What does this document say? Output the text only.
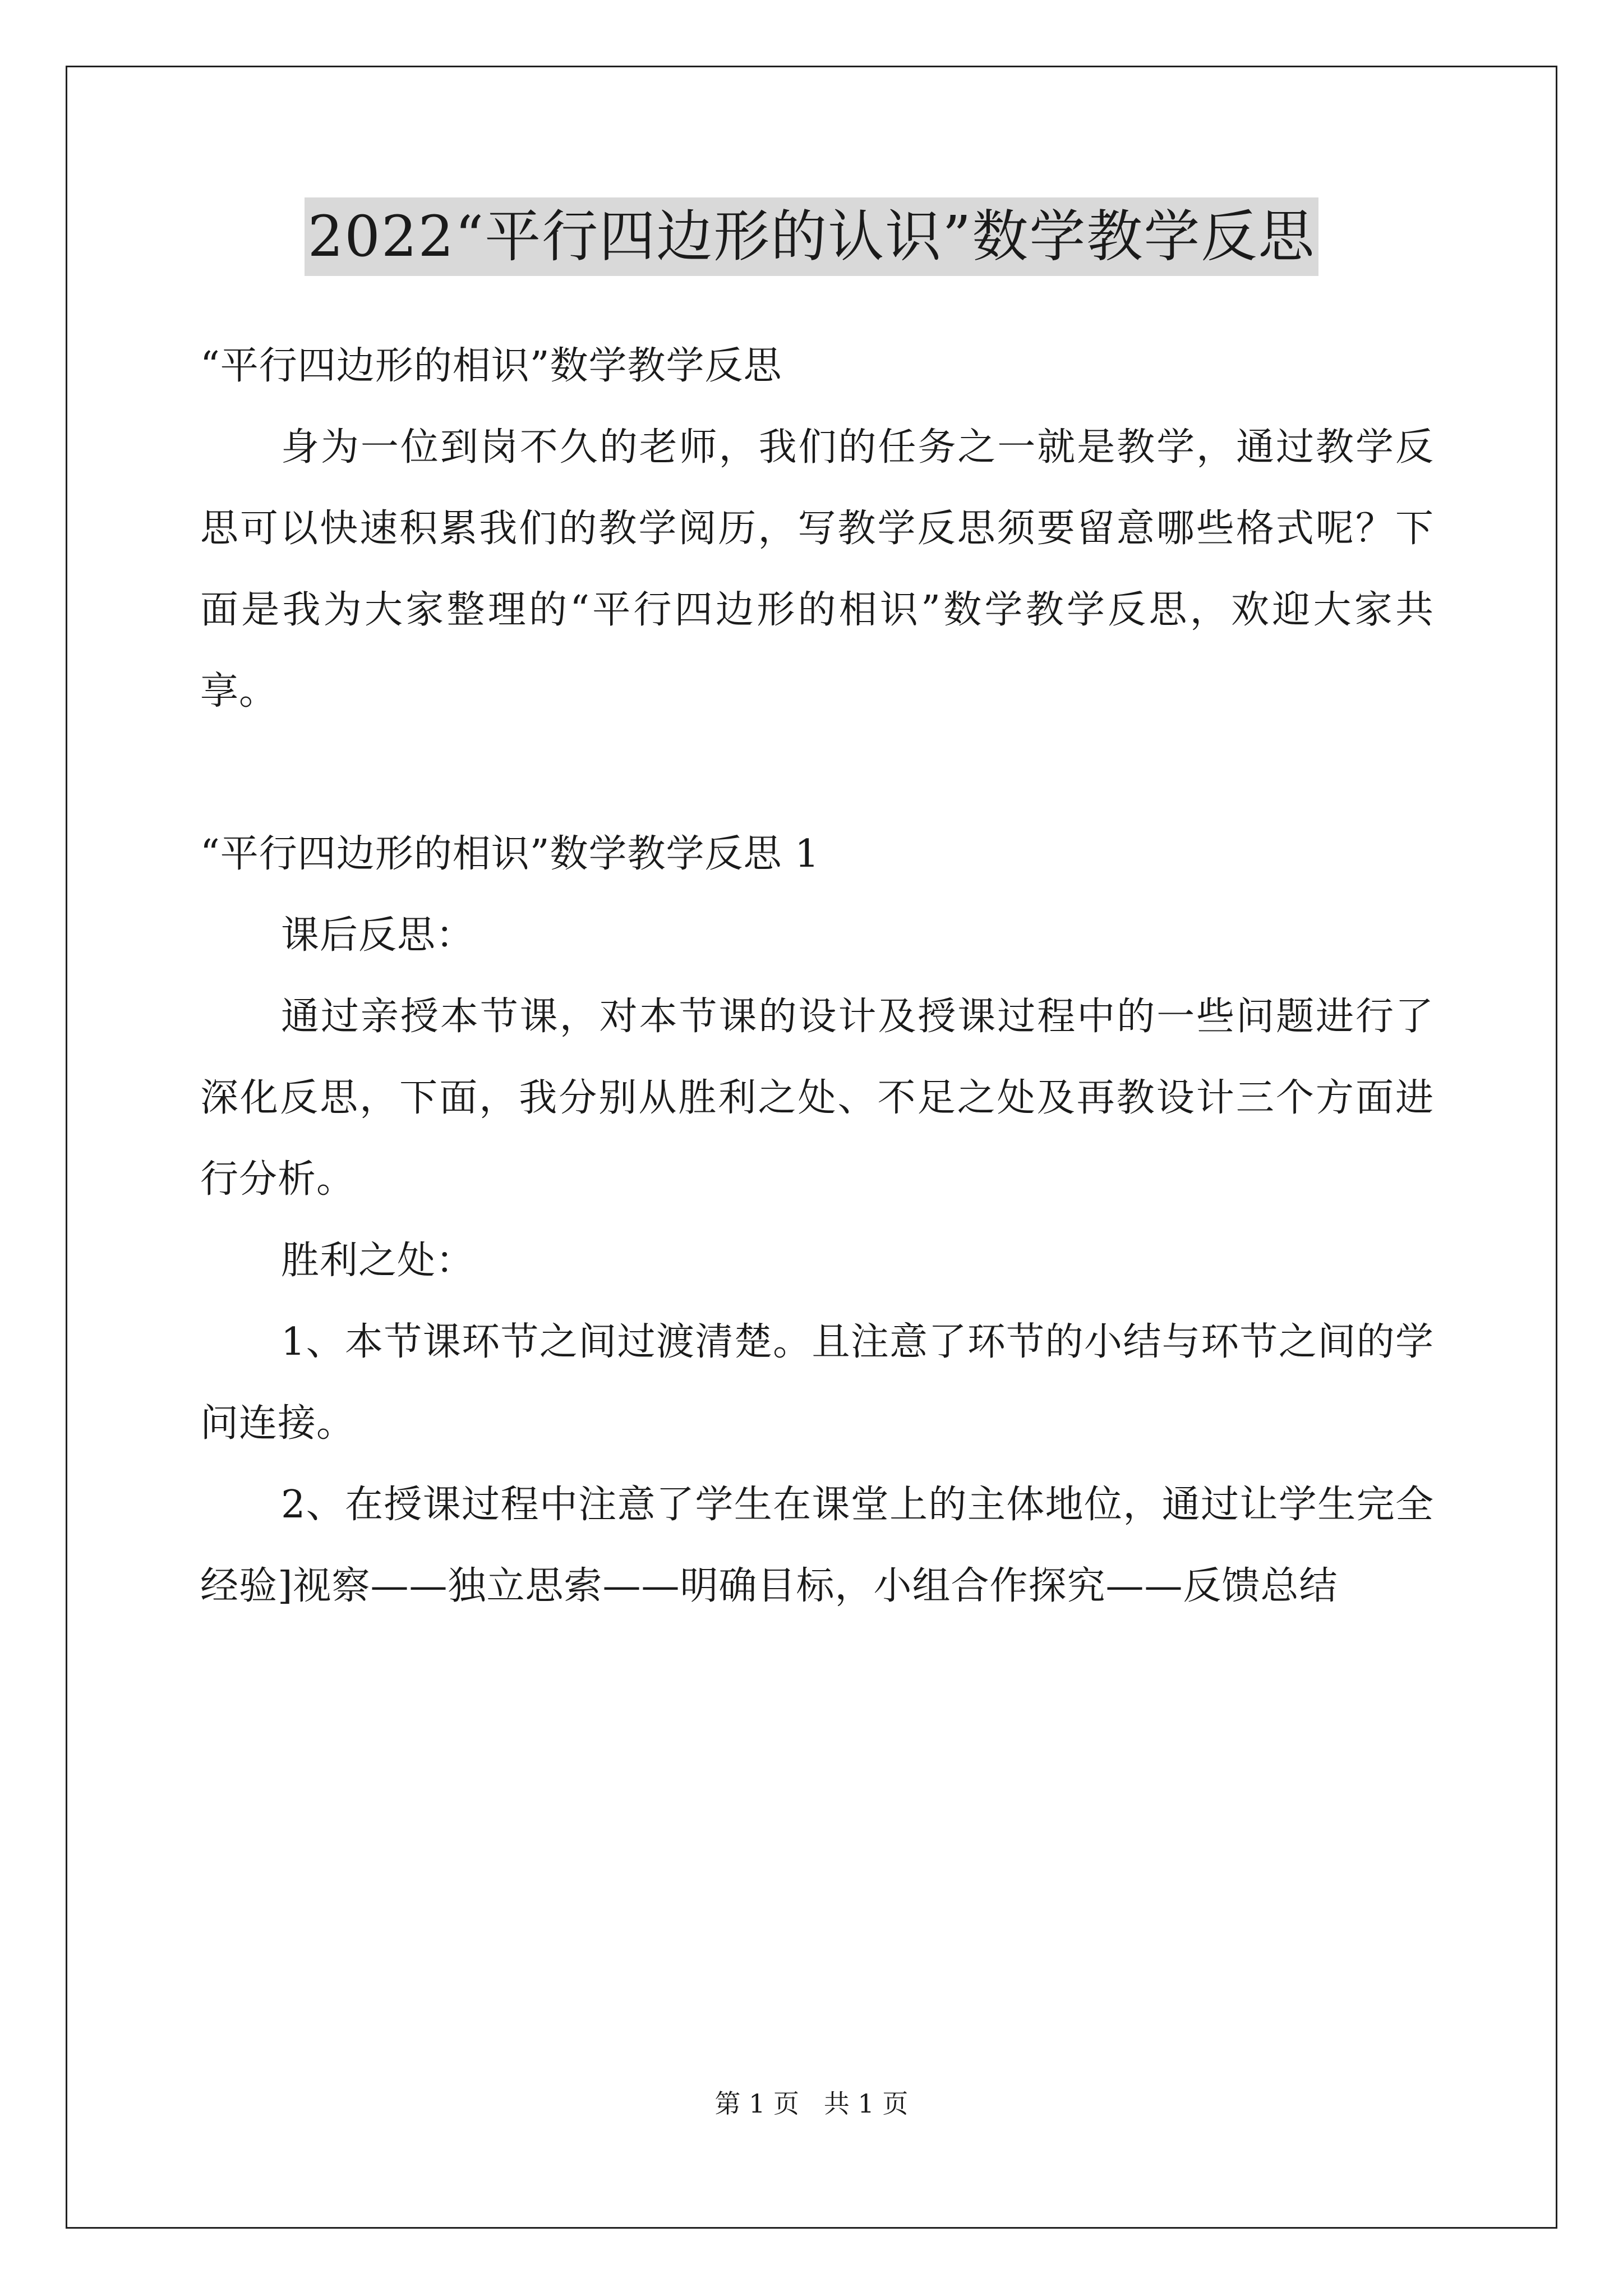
2022“平行四边形的认识”数学教学反思

“平行四边形的相识”数学教学反思

身为一位到岗不久的老师，我们的任务之一就是教学，通过教学反思可以快速积累我们的教学阅历，写教学反思须要留意哪些格式呢？下面是我为大家整理的“平行四边形的相识”数学教学反思，欢迎大家共享。

“平行四边形的相识”数学教学反思 1

课后反思：

通过亲授本节课，对本节课的设计及授课过程中的一些问题进行了深化反思，下面，我分别从胜利之处、不足之处及再教设计三个方面进行分析。

胜利之处：

1、本节课环节之间过渡清楚。且注意了环节的小结与环节之间的学问连接。

2、在授课过程中注意了学生在课堂上的主体地位，通过让学生完全经验]视察——独立思索——明确目标，小组合作探究——反馈总结

第 1 页   共 1 页
